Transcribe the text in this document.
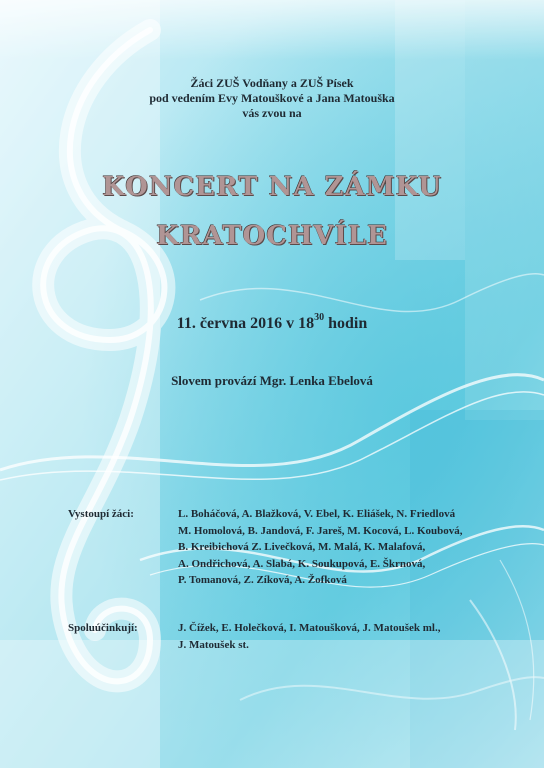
Žáci ZUŠ Vodňany a ZUŠ Písek
pod vedením Evy Matouškové a Jana Matouška
vás zvou na
KONCERT NA ZÁMKU
KRATOCHVÍLE
11. června 2016 v $18^{30}$ hodin
Slovem provází Mgr. Lenka Ebelová
Vystoupí žáci:	L. Boháčová, A. Blažková, V. Ebel, K. Eliášek, N. Friedlová
M. Homolová, B. Jandová, F. Jareš, M. Kocová, L. Koubová,
B. Kreibichová Z. Livečková, M. Malá, K. Malafová,
A. Ondřichová, A. Slabá, K. Soukupová, E. Škrnová,
P. Tomanová, Z. Zíková, A. Žofková
Spoluúčinkují:	J. Čížek, E. Holečková, I. Matoušková, J. Matoušek ml.,
J. Matoušek st.
